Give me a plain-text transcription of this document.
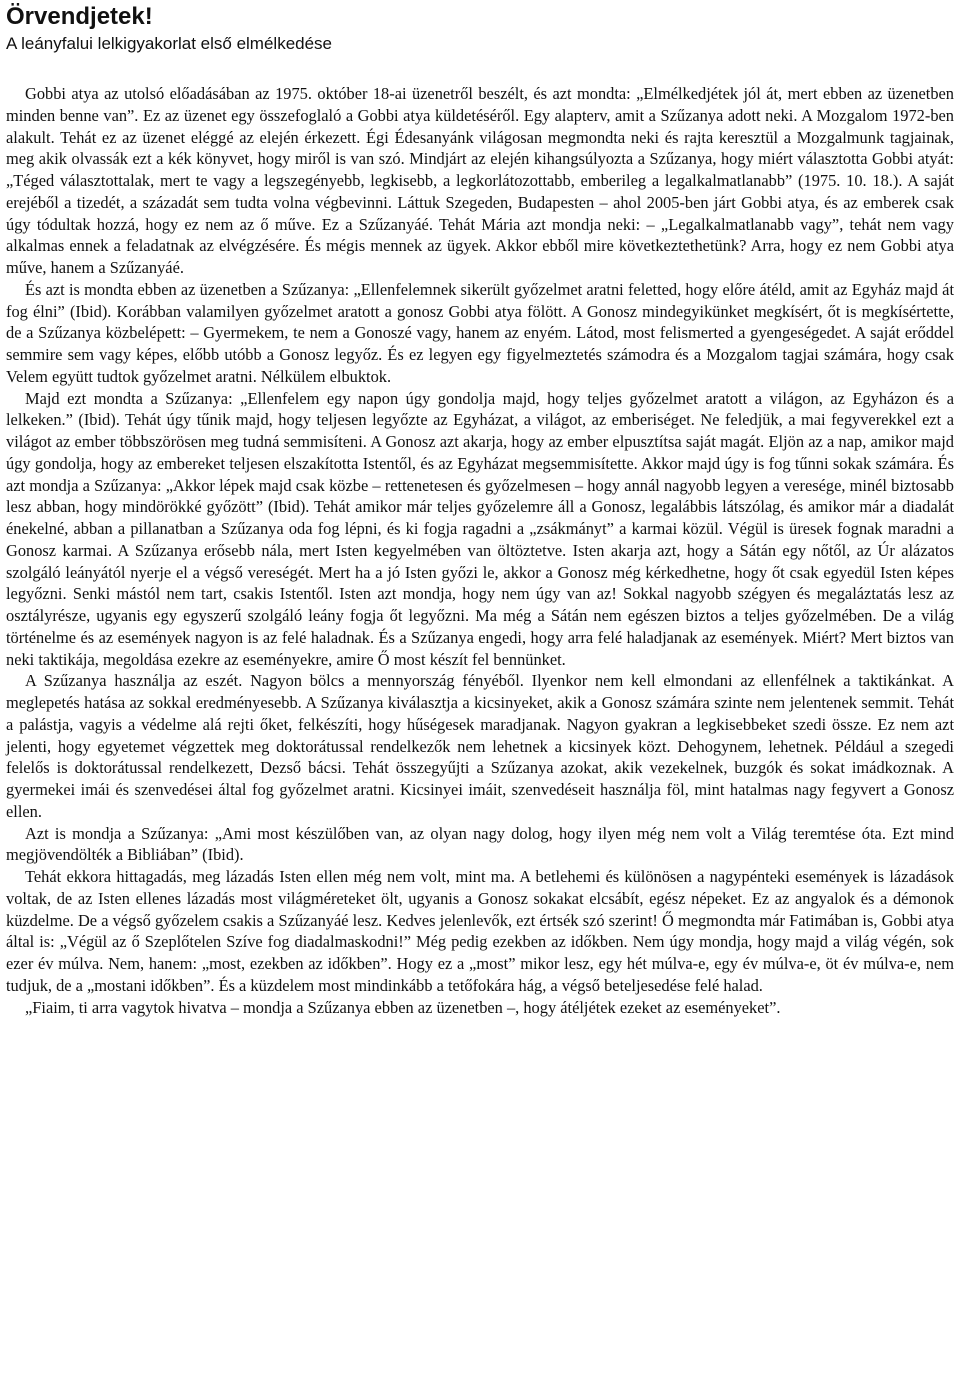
Örvendjetek!
A leányfalui lelkigyakorlat első elmélkedése

Gobbi atya az utolsó előadásában az 1975. október 18-ai üzenetről beszélt, és azt mondta: „Elmélkedjétek jól át, mert ebben az üzenetben minden benne van”. Ez az üzenet egy összefoglaló a Gobbi atya küldetéséről. Egy alapterv, amit a Szűzanya adott neki. A Mozgalom 1972-ben alakult. Tehát ez az üzenet eléggé az elején érkezett. Égi Édesanyánk világosan megmondta neki és rajta keresztül a Mozgalmunk tagjainak, meg akik olvassák ezt a kék könyvet, hogy miről is van szó. Mindjárt az elején kihangsúlyozta a Szűzanya, hogy miért választotta Gobbi atyát: „Téged választottalak, mert te vagy a legszegényebb, legkisebb, a legkorlátozottabb, emberileg a legalkalmatlanabb” (1975. 10. 18.). A saját erejéből a tizedét, a századát sem tudta volna végbevinni. Láttuk Szegeden, Budapesten – ahol 2005-ben járt Gobbi atya, és az emberek csak úgy tódultak hozzá, hogy ez nem az ő műve. Ez a Szűzanyáé. Tehát Mária azt mondja neki: – „Legalkalmatlanabb vagy”, tehát nem vagy alkalmas ennek a feladatnak az elvégzésére. És mégis mennek az ügyek. Akkor ebből mire következtethetünk? Arra, hogy ez nem Gobbi atya műve, hanem a Szűzanyáé.

És azt is mondta ebben az üzenetben a Szűzanya: „Ellenfelemnek sikerült győzelmet aratni feletted, hogy előre átéld, amit az Egyház majd át fog élni” (Ibid). Korábban valamilyen győzelmet aratott a gonosz Gobbi atya fölött. A Gonosz mindegyikünket megkísért, őt is megkísértette, de a Szűzanya közbelépett: – Gyermekem, te nem a Gonoszé vagy, hanem az enyém. Látod, most felismerted a gyengeségedet. A saját erőddel semmire sem vagy képes, előbb utóbb a Gonosz legyőz. És ez legyen egy figyelmeztetés számodra és a Mozgalom tagjai számára, hogy csak Velem együtt tudtok győzelmet aratni. Nélkülem elbuktok.

Majd ezt mondta a Szűzanya: „Ellenfelem egy napon úgy gondolja majd, hogy teljes győzelmet aratott a világon, az Egyházon és a lelkeken.” (Ibid). Tehát úgy tűnik majd, hogy teljesen legyőzte az Egyházat, a világot, az emberiséget. Ne feledjük, a mai fegyverekkel ezt a világot az ember többszörösen meg tudná semmisíteni. A Gonosz azt akarja, hogy az ember elpusztítsa saját magát. Eljön az a nap, amikor majd úgy gondolja, hogy az embereket teljesen elszakította Istentől, és az Egyházat megsemmisítette. Akkor majd úgy is fog tűnni sokak számára. És azt mondja a Szűzanya: „Akkor lépek majd csak közbe – rettenetesen és győzelmesen – hogy annál nagyobb legyen a veresége, minél biztosabb lesz abban, hogy mindörökké győzött” (Ibid). Tehát amikor már teljes győzelemre áll a Gonosz, legalábbis látszólag, és amikor már a diadalát énekelné, abban a pillanatban a Szűzanya oda fog lépni, és ki fogja ragadni a „zsákmányt” a karmai közül. Végül is üresek fognak maradni a Gonosz karmai. A Szűzanya erősebb nála, mert Isten kegyelmében van öltöztetve. Isten akarja azt, hogy a Sátán egy nőtől, az Úr alázatos szolgáló leányától nyerje el a végső vereségét. Mert ha a jó Isten győzi le, akkor a Gonosz még kérkedhetne, hogy őt csak egyedül Isten képes legyőzni. Senki mástól nem tart, csakis Istentől. Isten azt mondja, hogy nem úgy van az! Sokkal nagyobb szégyen és megaláztatás lesz az osztályrésze, ugyanis egy egyszerű szolgáló leány fogja őt legyőzni. Ma még a Sátán nem egészen biztos a teljes győzelmében. De a világ történelme és az események nagyon is az felé haladnak. És a Szűzanya engedi, hogy arra felé haladjanak az események. Miért? Mert biztos van neki taktikája, megoldása ezekre az eseményekre, amire Ő most készít fel bennünket.

A Szűzanya használja az eszét. Nagyon bölcs a mennyország fényéből. Ilyenkor nem kell elmondani az ellenfélnek a taktikánkat. A meglepetés hatása az sokkal eredményesebb. A Szűzanya kiválasztja a kicsinyeket, akik a Gonosz számára szinte nem jelentenek semmit. Tehát a palástja, vagyis a védelme alá rejti őket, felkészíti, hogy hűségesek maradjanak. Nagyon gyakran a legkisebbeket szedi össze. Ez nem azt jelenti, hogy egyetemet végzettek meg doktorátussal rendelkezők nem lehetnek a kicsinyek közt. Dehogynem, lehetnek. Például a szegedi felelős is doktorátussal rendelkezett, Dezső bácsi. Tehát összegyűjti a Szűzanya azokat, akik vezekelnek, buzgók és sokat imádkoznak. A gyermekei imái és szenvedései által fog győzelmet aratni. Kicsinyei imáit, szenvedéseit használja föl, mint hatalmas nagy fegyvert a Gonosz ellen.

Azt is mondja a Szűzanya: „Ami most készülőben van, az olyan nagy dolog, hogy ilyen még nem volt a Világ teremtése óta. Ezt mind megjövendölték a Bibliában” (Ibid).

Tehát ekkora hittagadás, meg lázadás Isten ellen még nem volt, mint ma. A betlehemi és különösen a nagypénteki események is lázadások voltak, de az Isten ellenes lázadás most világméreteket ölt, ugyanis a Gonosz sokakat elcsábít, egész népeket. Ez az angyalok és a démonok küzdelme. De a végső győzelem csakis a Szűzanyáé lesz. Kedves jelenlevők, ezt értsék szó szerint! Ő megmondta már Fatimában is, Gobbi atya által is: „Végül az ő Szeplőtelen Szíve fog diadalmaskodni!” Még pedig ezekben az időkben. Nem úgy mondja, hogy majd a világ végén, sok ezer év múlva. Nem, hanem: „most, ezekben az időkben”. Hogy ez a „most” mikor lesz, egy hét múlva-e, egy év múlva-e, öt év múlva-e, nem tudjuk, de a „mostani időkben”. És a küzdelem most mindinkább a tetőfokára hág, a végső beteljesedése felé halad.

„Fiaim, ti arra vagytok hivatva – mondja a Szűzanya ebben az üzenetben –, hogy átéljétek ezeket az eseményeket”.
